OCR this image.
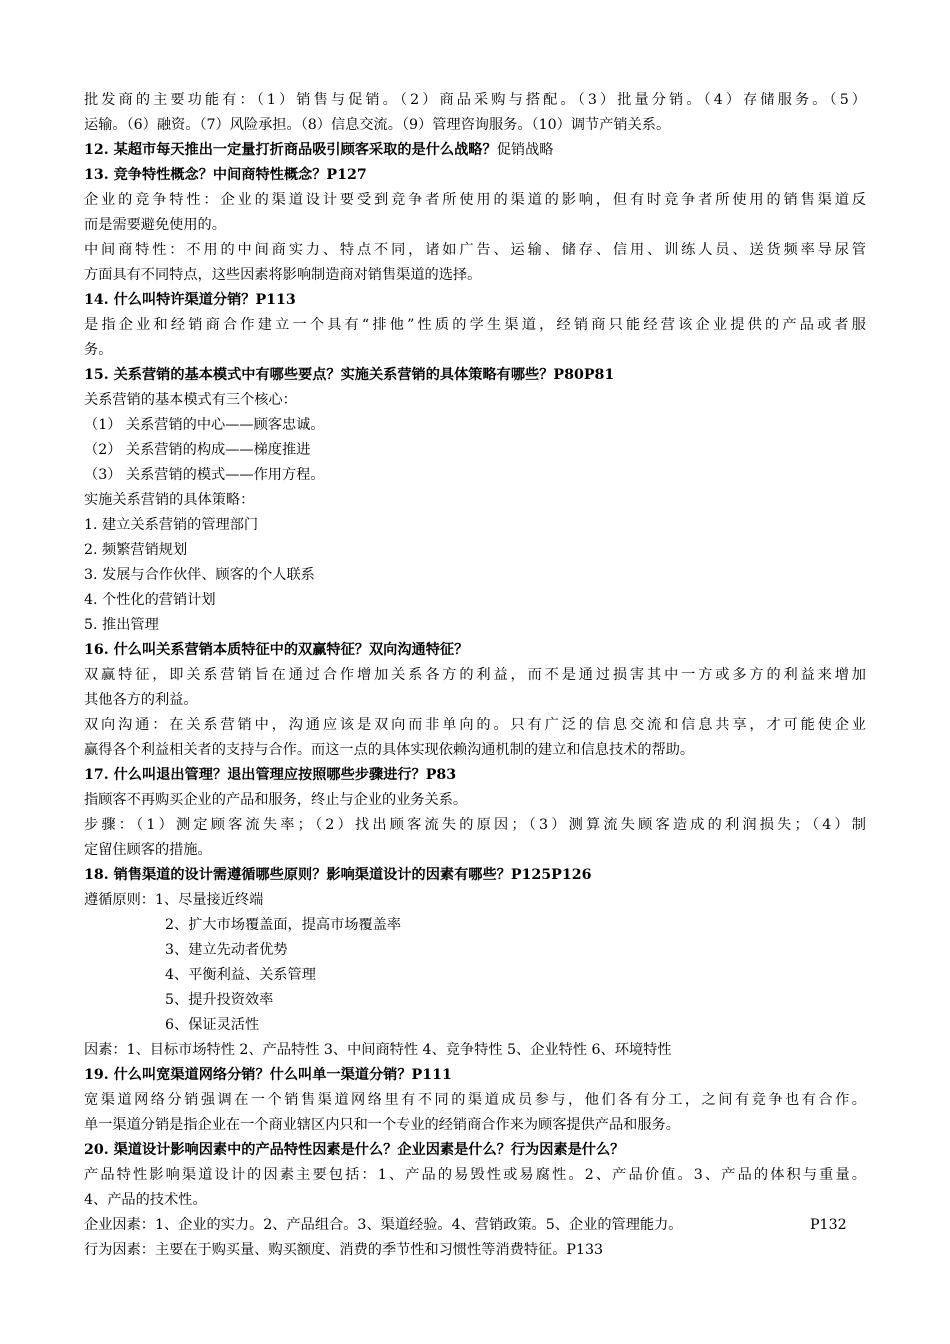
批发商的主要功能有：（1）销售与促销。（2）商品采购与搭配。（3）批量分销。（4）存储服务。（5）
运输。（6）融资。（7）风险承担。（8）信息交流。（9）管理咨询服务。（10）调节产销关系。
12. 某超市每天推出一定量打折商品吸引顾客采取的是什么战略？促销战略
13. 竞争特性概念？中间商特性概念？P127
企业的竞争特性：企业的渠道设计要受到竞争者所使用的渠道的影响，但有时竞争者所使用的销售渠道反
而是需要避免使用的。
中间商特性：不用的中间商实力、特点不同，诸如广告、运输、储存、信用、训练人员、送货频率导尿管
方面具有不同特点，这些因素将影响制造商对销售渠道的选择。
14. 什么叫特许渠道分销？P113
是指企业和经销商合作建立一个具有“排他”性质的学生渠道，经销商只能经营该企业提供的产品或者服
务。
15. 关系营销的基本模式中有哪些要点？实施关系营销的具体策略有哪些？P80P81
关系营销的基本模式有三个核心：
（1） 关系营销的中心——顾客忠诚。
（2） 关系营销的构成——梯度推进
（3） 关系营销的模式——作用方程。
实施关系营销的具体策略：
1. 建立关系营销的管理部门
2. 频繁营销规划
3. 发展与合作伙伴、顾客的个人联系
4. 个性化的营销计划
5. 推出管理
16. 什么叫关系营销本质特征中的双赢特征？双向沟通特征？
双赢特征，即关系营销旨在通过合作增加关系各方的利益，而不是通过损害其中一方或多方的利益来增加
其他各方的利益。
双向沟通：在关系营销中，沟通应该是双向而非单向的。只有广泛的信息交流和信息共享，才可能使企业
赢得各个利益相关者的支持与合作。而这一点的具体实现依赖沟通机制的建立和信息技术的帮助。
17. 什么叫退出管理？退出管理应按照哪些步骤进行？P83
指顾客不再购买企业的产品和服务，终止与企业的业务关系。
步骤：（1）测定顾客流失率；（2）找出顾客流失的原因；（3）测算流失顾客造成的利润损失；（4）制
定留住顾客的措施。
18. 销售渠道的设计需遵循哪些原则？影响渠道设计的因素有哪些？P125P126
遵循原则：1、尽量接近终端
2、扩大市场覆盖面，提高市场覆盖率
3、建立先动者优势
4、平衡利益、关系管理
5、提升投资效率
6、保证灵活性
因素：1、目标市场特性 2、产品特性 3、中间商特性 4、竞争特性 5、企业特性 6、环境特性
19. 什么叫宽渠道网络分销？什么叫单一渠道分销？P111
宽渠道网络分销强调在一个销售渠道网络里有不同的渠道成员参与，他们各有分工，之间有竞争也有合作。
单一渠道分销是指企业在一个商业辖区内只和一个专业的经销商合作来为顾客提供产品和服务。
20. 渠道设计影响因素中的产品特性因素是什么？企业因素是什么？行为因素是什么？
产品特性影响渠道设计的因素主要包括：1、产品的易毁性或易腐性。2、产品价值。3、产品的体积与重量。
4、产品的技术性。
企业因素：1、企业的实力。2、产品组合。3、渠道经验。4、营销政策。5、企业的管理能力。	P132
行为因素：主要在于购买量、购买额度、消费的季节性和习惯性等消费特征。P133
